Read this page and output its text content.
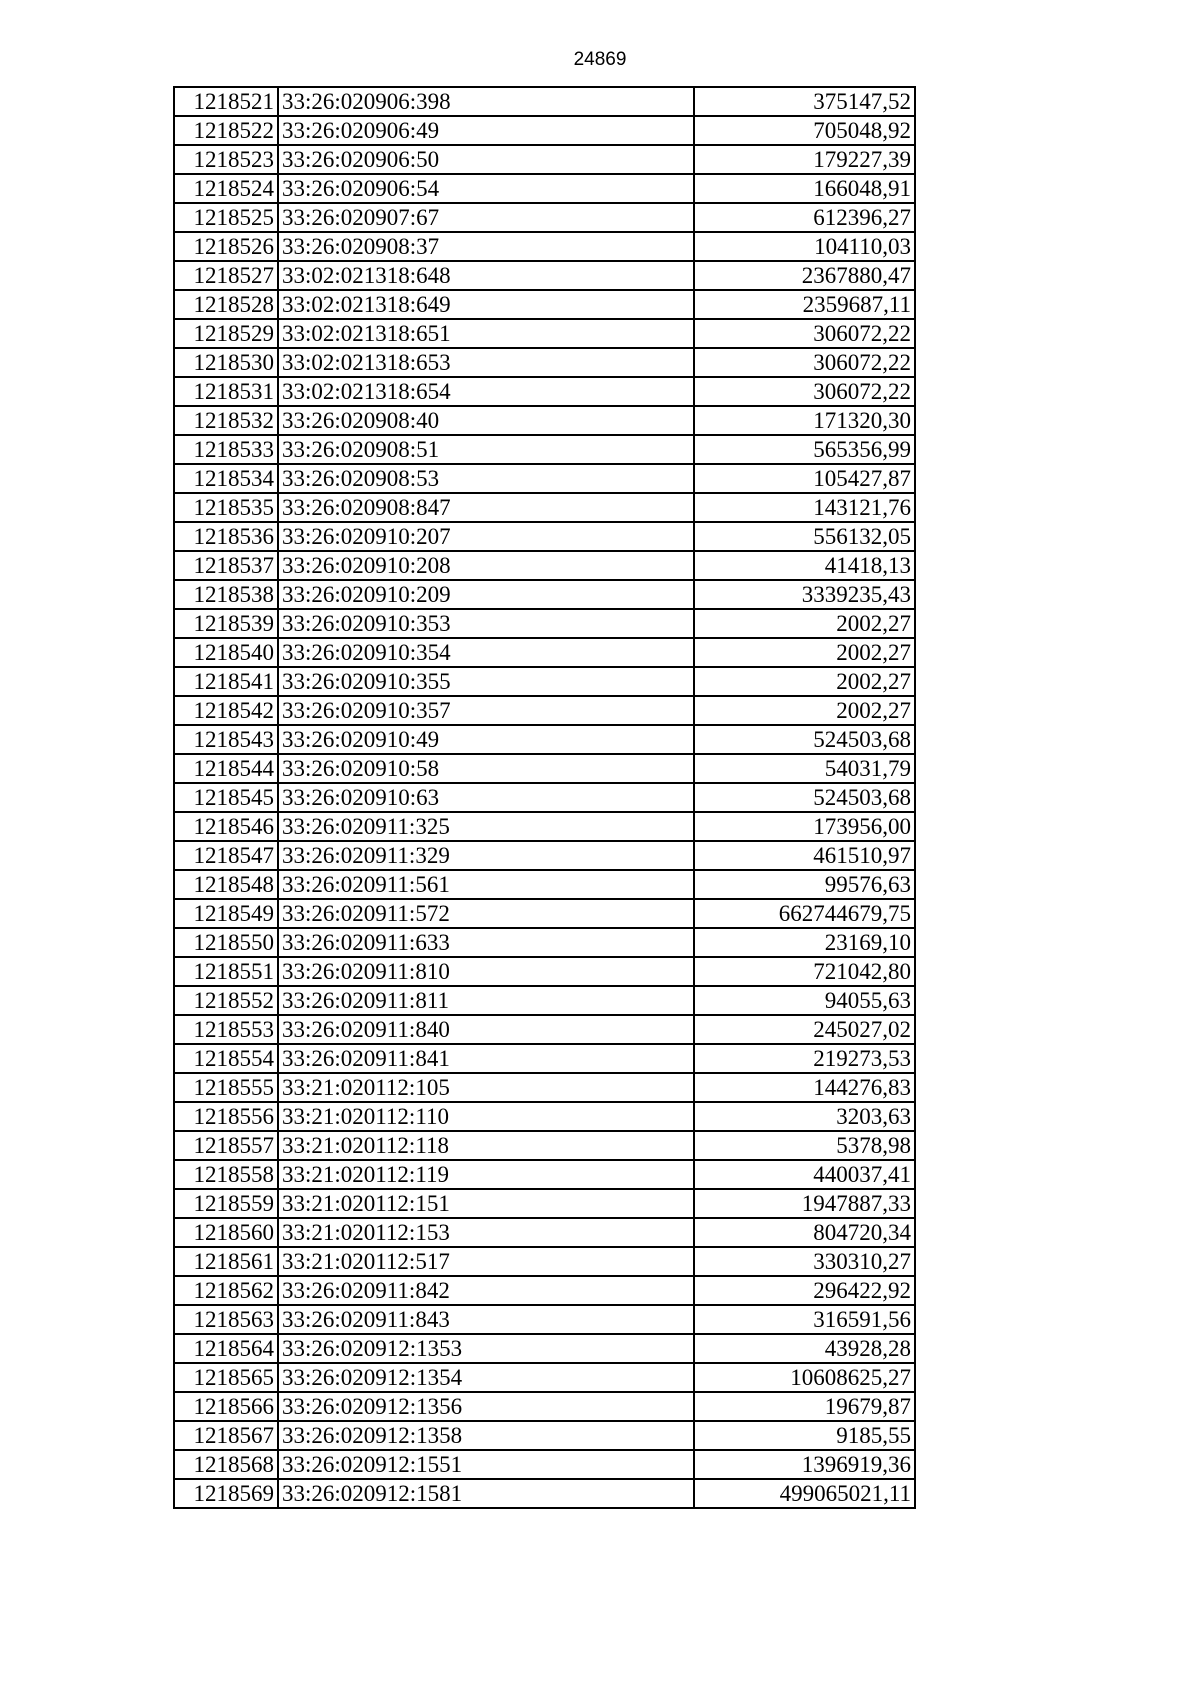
24869
1218521	33:26:020906:398	375147,52
1218522	33:26:020906:49	705048,92
1218523	33:26:020906:50	179227,39
1218524	33:26:020906:54	166048,91
1218525	33:26:020907:67	612396,27
1218526	33:26:020908:37	104110,03
1218527	33:02:021318:648	2367880,47
1218528	33:02:021318:649	2359687,11
1218529	33:02:021318:651	306072,22
1218530	33:02:021318:653	306072,22
1218531	33:02:021318:654	306072,22
1218532	33:26:020908:40	171320,30
1218533	33:26:020908:51	565356,99
1218534	33:26:020908:53	105427,87
1218535	33:26:020908:847	143121,76
1218536	33:26:020910:207	556132,05
1218537	33:26:020910:208	41418,13
1218538	33:26:020910:209	3339235,43
1218539	33:26:020910:353	2002,27
1218540	33:26:020910:354	2002,27
1218541	33:26:020910:355	2002,27
1218542	33:26:020910:357	2002,27
1218543	33:26:020910:49	524503,68
1218544	33:26:020910:58	54031,79
1218545	33:26:020910:63	524503,68
1218546	33:26:020911:325	173956,00
1218547	33:26:020911:329	461510,97
1218548	33:26:020911:561	99576,63
1218549	33:26:020911:572	662744679,75
1218550	33:26:020911:633	23169,10
1218551	33:26:020911:810	721042,80
1218552	33:26:020911:811	94055,63
1218553	33:26:020911:840	245027,02
1218554	33:26:020911:841	219273,53
1218555	33:21:020112:105	144276,83
1218556	33:21:020112:110	3203,63
1218557	33:21:020112:118	5378,98
1218558	33:21:020112:119	440037,41
1218559	33:21:020112:151	1947887,33
1218560	33:21:020112:153	804720,34
1218561	33:21:020112:517	330310,27
1218562	33:26:020911:842	296422,92
1218563	33:26:020911:843	316591,56
1218564	33:26:020912:1353	43928,28
1218565	33:26:020912:1354	10608625,27
1218566	33:26:020912:1356	19679,87
1218567	33:26:020912:1358	9185,55
1218568	33:26:020912:1551	1396919,36
1218569	33:26:020912:1581	499065021,11
